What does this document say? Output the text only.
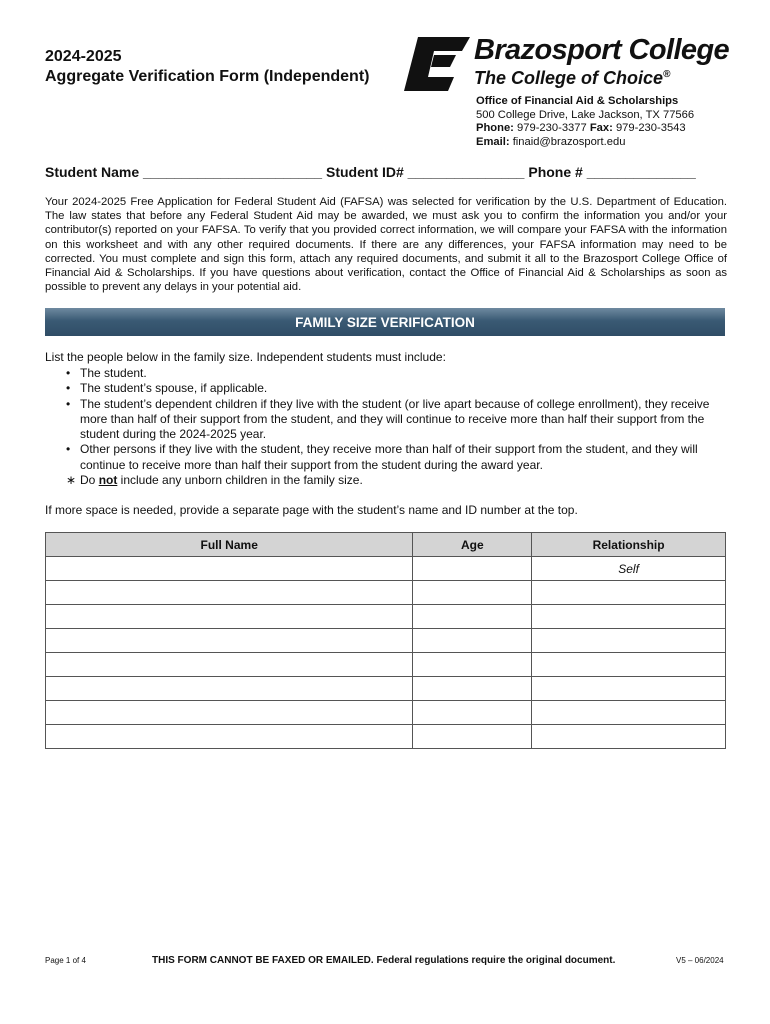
2024-2025
Aggregate Verification Form (Independent)
Brazosport College
The College of Choice®
Office of Financial Aid & Scholarships
500 College Drive, Lake Jackson, TX 77566
Phone: 979-230-3377 Fax: 979-230-3543
Email: finaid@brazosport.edu
Student Name _______________________ Student ID# _______________ Phone # ______________
Your 2024-2025 Free Application for Federal Student Aid (FAFSA) was selected for verification by the U.S. Department of Education. The law states that before any Federal Student Aid may be awarded, we must ask you to confirm the information you and/or your contributor(s) reported on your FAFSA. To verify that you provided correct information, we will compare your FAFSA with the information on this worksheet and with any other required documents. If there are any differences, your FAFSA information may need to be corrected. You must complete and sign this form, attach any required documents, and submit it all to the Brazosport College Office of Financial Aid & Scholarships. If you have questions about verification, contact the Office of Financial Aid & Scholarships as soon as possible to prevent any delays in your potential aid.
FAMILY SIZE VERIFICATION
List the people below in the family size. Independent students must include:
• The student.
• The student’s spouse, if applicable.
• The student’s dependent children if they live with the student (or live apart because of college enrollment), they receive more than half of their support from the student, and they will continue to receive more than half their support from the student during the 2024-2025 year.
• Other persons if they live with the student, they receive more than half of their support from the student, and they will continue to receive more than half their support from the student during the award year.
∗ Do not include any unborn children in the family size.
If more space is needed, provide a separate page with the student’s name and ID number at the top.
Full Name	Age	Relationship
		Self

Page 1 of 4	THIS FORM CANNOT BE FAXED OR EMAILED. Federal regulations require the original document.	V5 – 06/2024
